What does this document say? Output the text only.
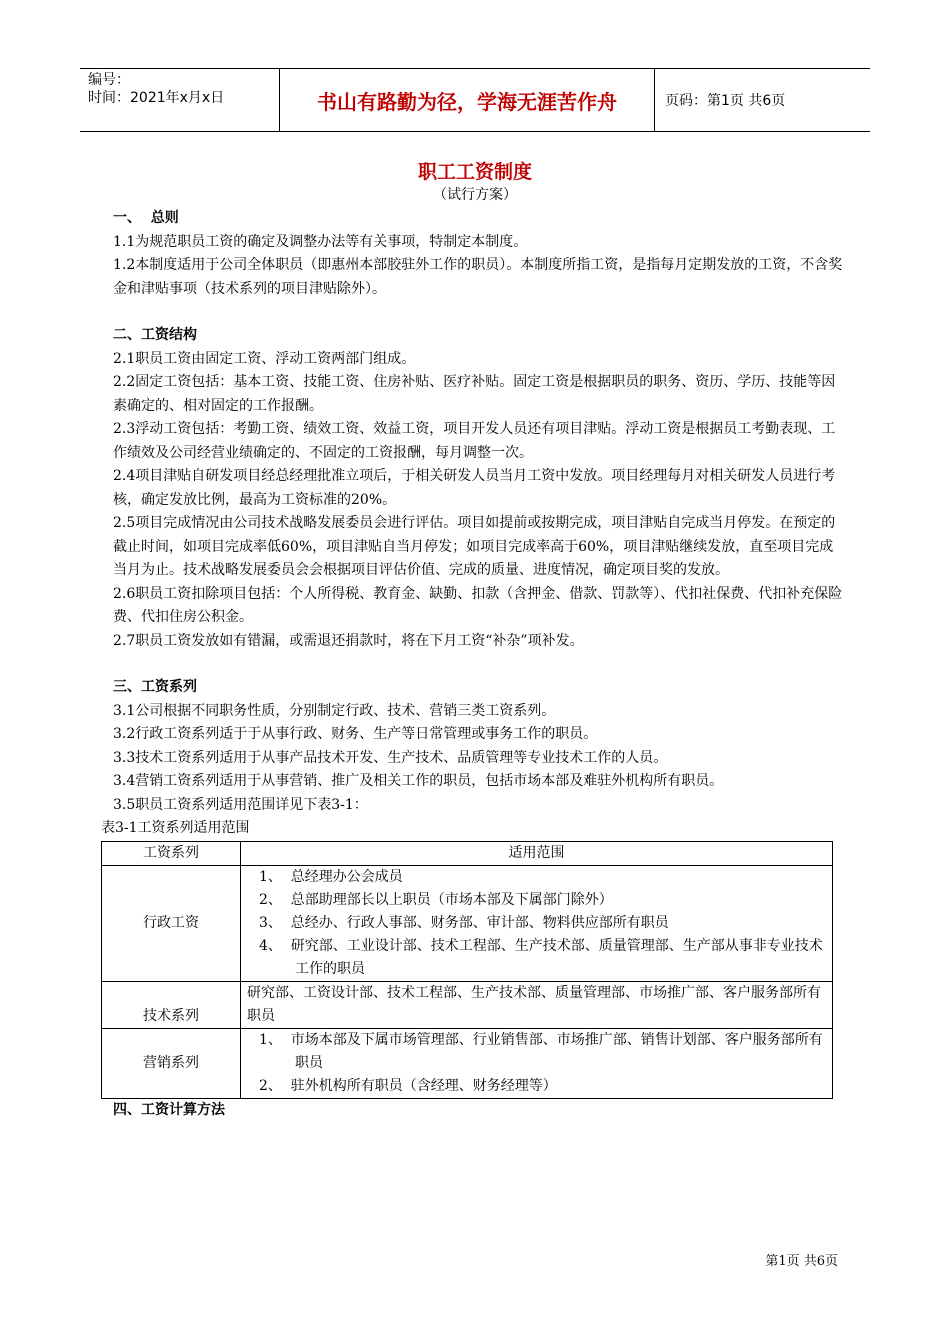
编号：
时间：2021年x月x日	书山有路勤为径，学海无涯苦作舟	页码：第1页 共6页
职工工资制度
（试行方案）
一、  总则
1.1为规范职员工资的确定及调整办法等有关事项，特制定本制度。
1.2本制度适用于公司全体职员（即惠州本部胶驻外工作的职员）。本制度所指工资，是指每月定期发放的工资，不含奖金和津贴事项（技术系列的项目津贴除外）。
二、工资结构
2.1职员工资由固定工资、浮动工资两部门组成。
2.2固定工资包括：基本工资、技能工资、住房补贴、医疗补贴。固定工资是根据职员的职务、资历、学历、技能等因素确定的、相对固定的工作报酬。
2.3浮动工资包括：考勤工资、绩效工资、效益工资，项目开发人员还有项目津贴。浮动工资是根据员工考勤表现、工作绩效及公司经营业绩确定的、不固定的工资报酬，每月调整一次。
2.4项目津贴自研发项目经总经理批准立项后，于相关研发人员当月工资中发放。项目经理每月对相关研发人员进行考核，确定发放比例，最高为工资标准的20%。
2.5项目完成情况由公司技术战略发展委员会进行评估。项目如提前或按期完成，项目津贴自完成当月停发。在预定的截止时间，如项目完成率低60%，项目津贴自当月停发；如项目完成率高于60%，项目津贴继续发放，直至项目完成当月为止。技术战略发展委员会会根据项目评估价值、完成的质量、进度情况，确定项目奖的发放。
2.6职员工资扣除项目包括：个人所得税、教育金、缺勤、扣款（含押金、借款、罚款等）、代扣社保费、代扣补充保险费、代扣住房公积金。
2.7职员工资发放如有错漏，或需退还捐款时，将在下月工资“补杂”项补发。
三、工资系列
3.1公司根据不同职务性质，分别制定行政、技术、营销三类工资系列。
3.2行政工资系列适于于从事行政、财务、生产等日常管理或事务工作的职员。
3.3技术工资系列适用于从事产品技术开发、生产技术、品质管理等专业技术工作的人员。
3.4营销工资系列适用于从事营销、推广及相关工作的职员，包括市场本部及难驻外机构所有职员。
3.5职员工资系列适用范围详见下表3-1：
表3-1工资系列适用范围
工资系列	适用范围
行政工资	1、  总经理办公会成员
2、  总部助理部长以上职员（市场本部及下属部门除外）
3、  总经办、行政人事部、财务部、审计部、物料供应部所有职员
4、  研究部、工业设计部、技术工程部、生产技术部、质量管理部、生产部从事非专业技术工作的职员

技术系列	研究部、工资设计部、技术工程部、生产技术部、质量管理部、市场推广部、客户服务部所有职员
营销系列	1、  市场本部及下属市场管理部、行业销售部、市场推广部、销售计划部、客户服务部所有职员
2、  驻外机构所有职员（含经理、财务经理等）
四、工资计算方法
第1页 共6页
